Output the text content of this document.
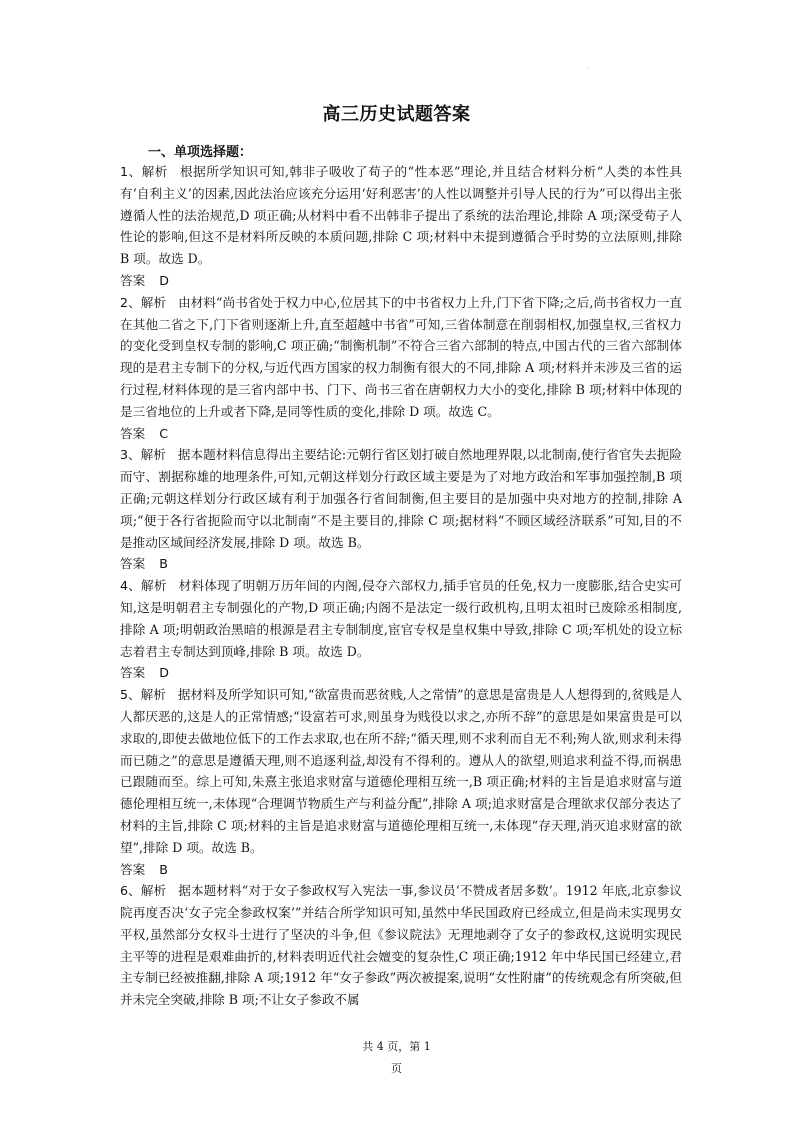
.
高三历史试题答案
一、单项选择题：
1、解析 根据所学知识可知,韩非子吸收了荀子的“性本恶”理论,并且结合材料分析“人类的本性具有‘自利主义’的因素,因此法治应该充分运用‘好利恶害’的人性以调整并引导人民的行为”可以得出主张遵循人性的法治规范,D 项正确;从材料中看不出韩非子提出了系统的法治理论,排除 A 项;深受荀子人性论的影响,但这不是材料所反映的本质问题,排除 C 项;材料中未提到遵循合乎时势的立法原则,排除 B 项。故选 D。
答案 D
2、解析 由材料“尚书省处于权力中心,位居其下的中书省权力上升,门下省下降;之后,尚书省权力一直在其他二省之下,门下省则逐渐上升,直至超越中书省”可知,三省体制意在削弱相权,加强皇权,三省权力的变化受到皇权专制的影响,C 项正确;“制衡机制”不符合三省六部制的特点,中国古代的三省六部制体现的是君主专制下的分权,与近代西方国家的权力制衡有很大的不同,排除 A 项;材料并未涉及三省的运行过程,材料体现的是三省内部中书、门下、尚书三省在唐朝权力大小的变化,排除 B 项;材料中体现的是三省地位的上升或者下降,是同等性质的变化,排除 D 项。故选 C。
答案 C
3、解析 据本题材料信息得出主要结论:元朝行省区划打破自然地理界限,以北制南,使行省官失去扼险而守、割据称雄的地理条件,可知,元朝这样划分行政区域主要是为了对地方政治和军事加强控制,B 项正确;元朝这样划分行政区域有利于加强各行省间制衡,但主要目的是加强中央对地方的控制,排除 A 项;“便于各行省扼险而守以北制南”不是主要目的,排除 C 项;据材料“不顾区域经济联系”可知,目的不是推动区域间经济发展,排除 D 项。故选 B。
答案 B
4、解析 材料体现了明朝万历年间的内阁,侵夺六部权力,插手官员的任免,权力一度膨胀,结合史实可知,这是明朝君主专制强化的产物,D 项正确;内阁不是法定一级行政机构,且明太祖时已废除丞相制度,排除 A 项;明朝政治黑暗的根源是君主专制制度,宦官专权是皇权集中导致,排除 C 项;军机处的设立标志着君主专制达到顶峰,排除 B 项。故选 D。
答案 D
5、解析 据材料及所学知识可知,“欲富贵而恶贫贱,人之常情”的意思是富贵是人人想得到的,贫贱是人人都厌恶的,这是人的正常情感;“设富若可求,则虽身为贱役以求之,亦所不辞”的意思是如果富贵是可以求取的,即使去做地位低下的工作去求取,也在所不辞;“循天理,则不求利而自无不利;殉人欲,则求利未得而已随之”的意思是遵循天理,则不追逐利益,却没有不得利的。遵从人的欲望,则追求利益不得,而祸患已跟随而至。综上可知,朱熹主张追求财富与道德伦理相互统一,B 项正确;材料的主旨是追求财富与道德伦理相互统一,未体现“合理调节物质生产与利益分配”,排除 A 项;追求财富是合理欲求仅部分表达了材料的主旨,排除 C 项;材料的主旨是追求财富与道德伦理相互统一,未体现“存天理,消灭追求财富的欲望”,排除 D 项。故选 B。
答案 B
6、解析 据本题材料“对于女子参政权写入宪法一事,参议员‘不赞成者居多数’。1912 年底,北京参议院再度否决‘女子完全参政权案’”并结合所学知识可知,虽然中华民国政府已经成立,但是尚未实现男女平权,虽然部分女权斗士进行了坚决的斗争,但《参议院法》无理地剥夺了女子的参政权,这说明实现民主平等的进程是艰难曲折的,材料表明近代社会嬗变的复杂性,C 项正确;1912 年中华民国已经建立,君主专制已经被推翻,排除 A 项;1912 年“女子参政”两次被提案,说明“女性附庸”的传统观念有所突破,但并未完全突破,排除 B 项;不让女子参政不属
共 4 页，第 1
页
